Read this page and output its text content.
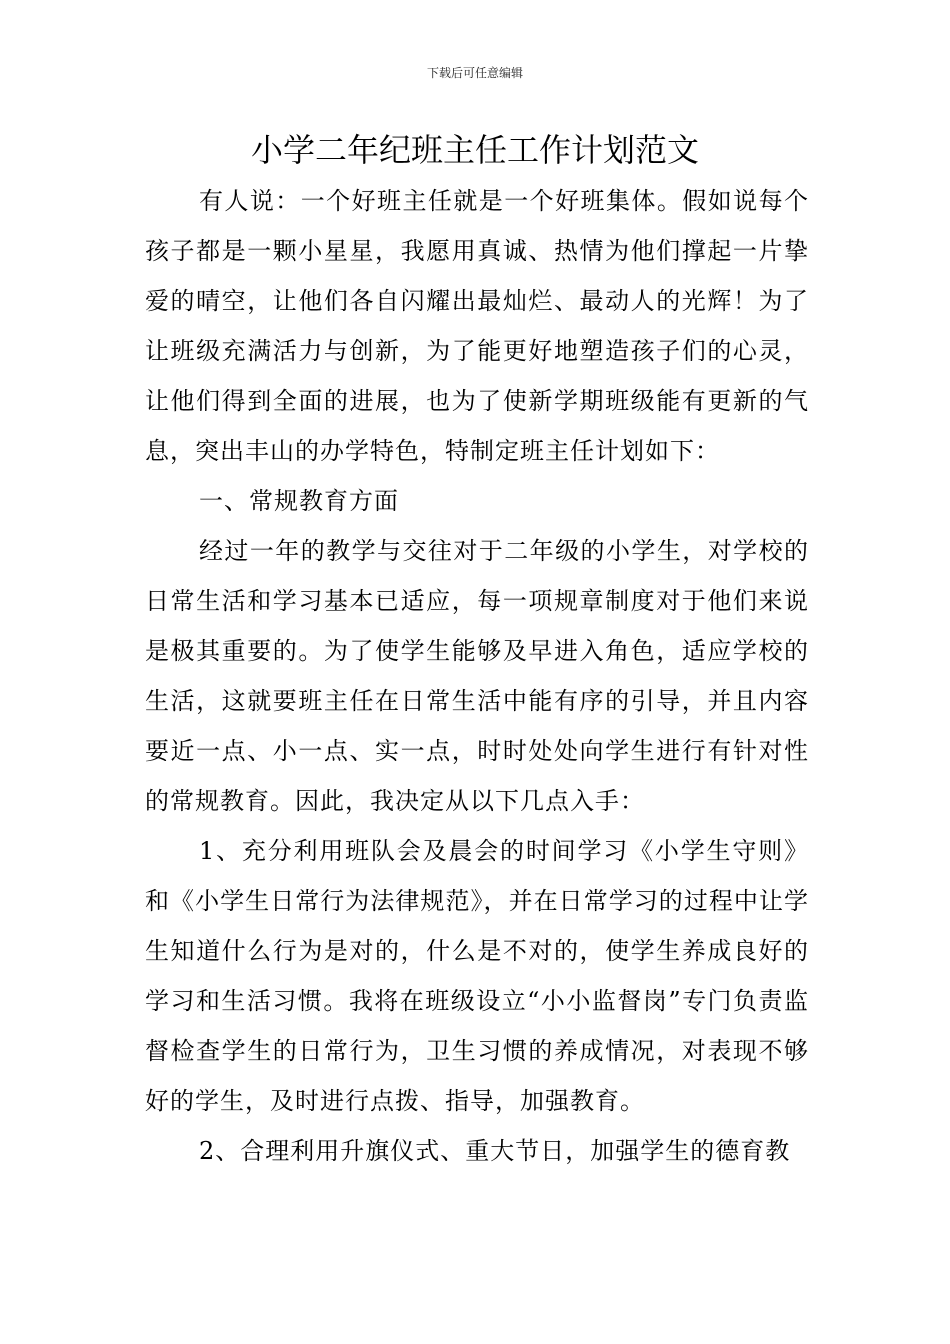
下载后可任意编辑
小学二年纪班主任工作计划范文

有人说：一个好班主任就是一个好班集体。假如说每个孩子都是一颗小星星，我愿用真诚、热情为他们撑起一片挚爱的晴空，让他们各自闪耀出最灿烂、最动人的光辉！为了让班级充满活力与创新，为了能更好地塑造孩子们的心灵，让他们得到全面的进展，也为了使新学期班级能有更新的气息，突出丰山的办学特色，特制定班主任计划如下：

一、常规教育方面

经过一年的教学与交往对于二年级的小学生，对学校的日常生活和学习基本已适应，每一项规章制度对于他们来说是极其重要的。为了使学生能够及早进入角色，适应学校的生活，这就要班主任在日常生活中能有序的引导，并且内容要近一点、小一点、实一点，时时处处向学生进行有针对性的常规教育。因此，我决定从以下几点入手：

1、充分利用班队会及晨会的时间学习《小学生守则》和《小学生日常行为法律规范》，并在日常学习的过程中让学生知道什么行为是对的，什么是不对的，使学生养成良好的学习和生活习惯。我将在班级设立“小小监督岗”专门负责监督检查学生的日常行为，卫生习惯的养成情况，对表现不够好的学生，及时进行点拨、指导，加强教育。

2、合理利用升旗仪式、重大节日，加强学生的德育教
